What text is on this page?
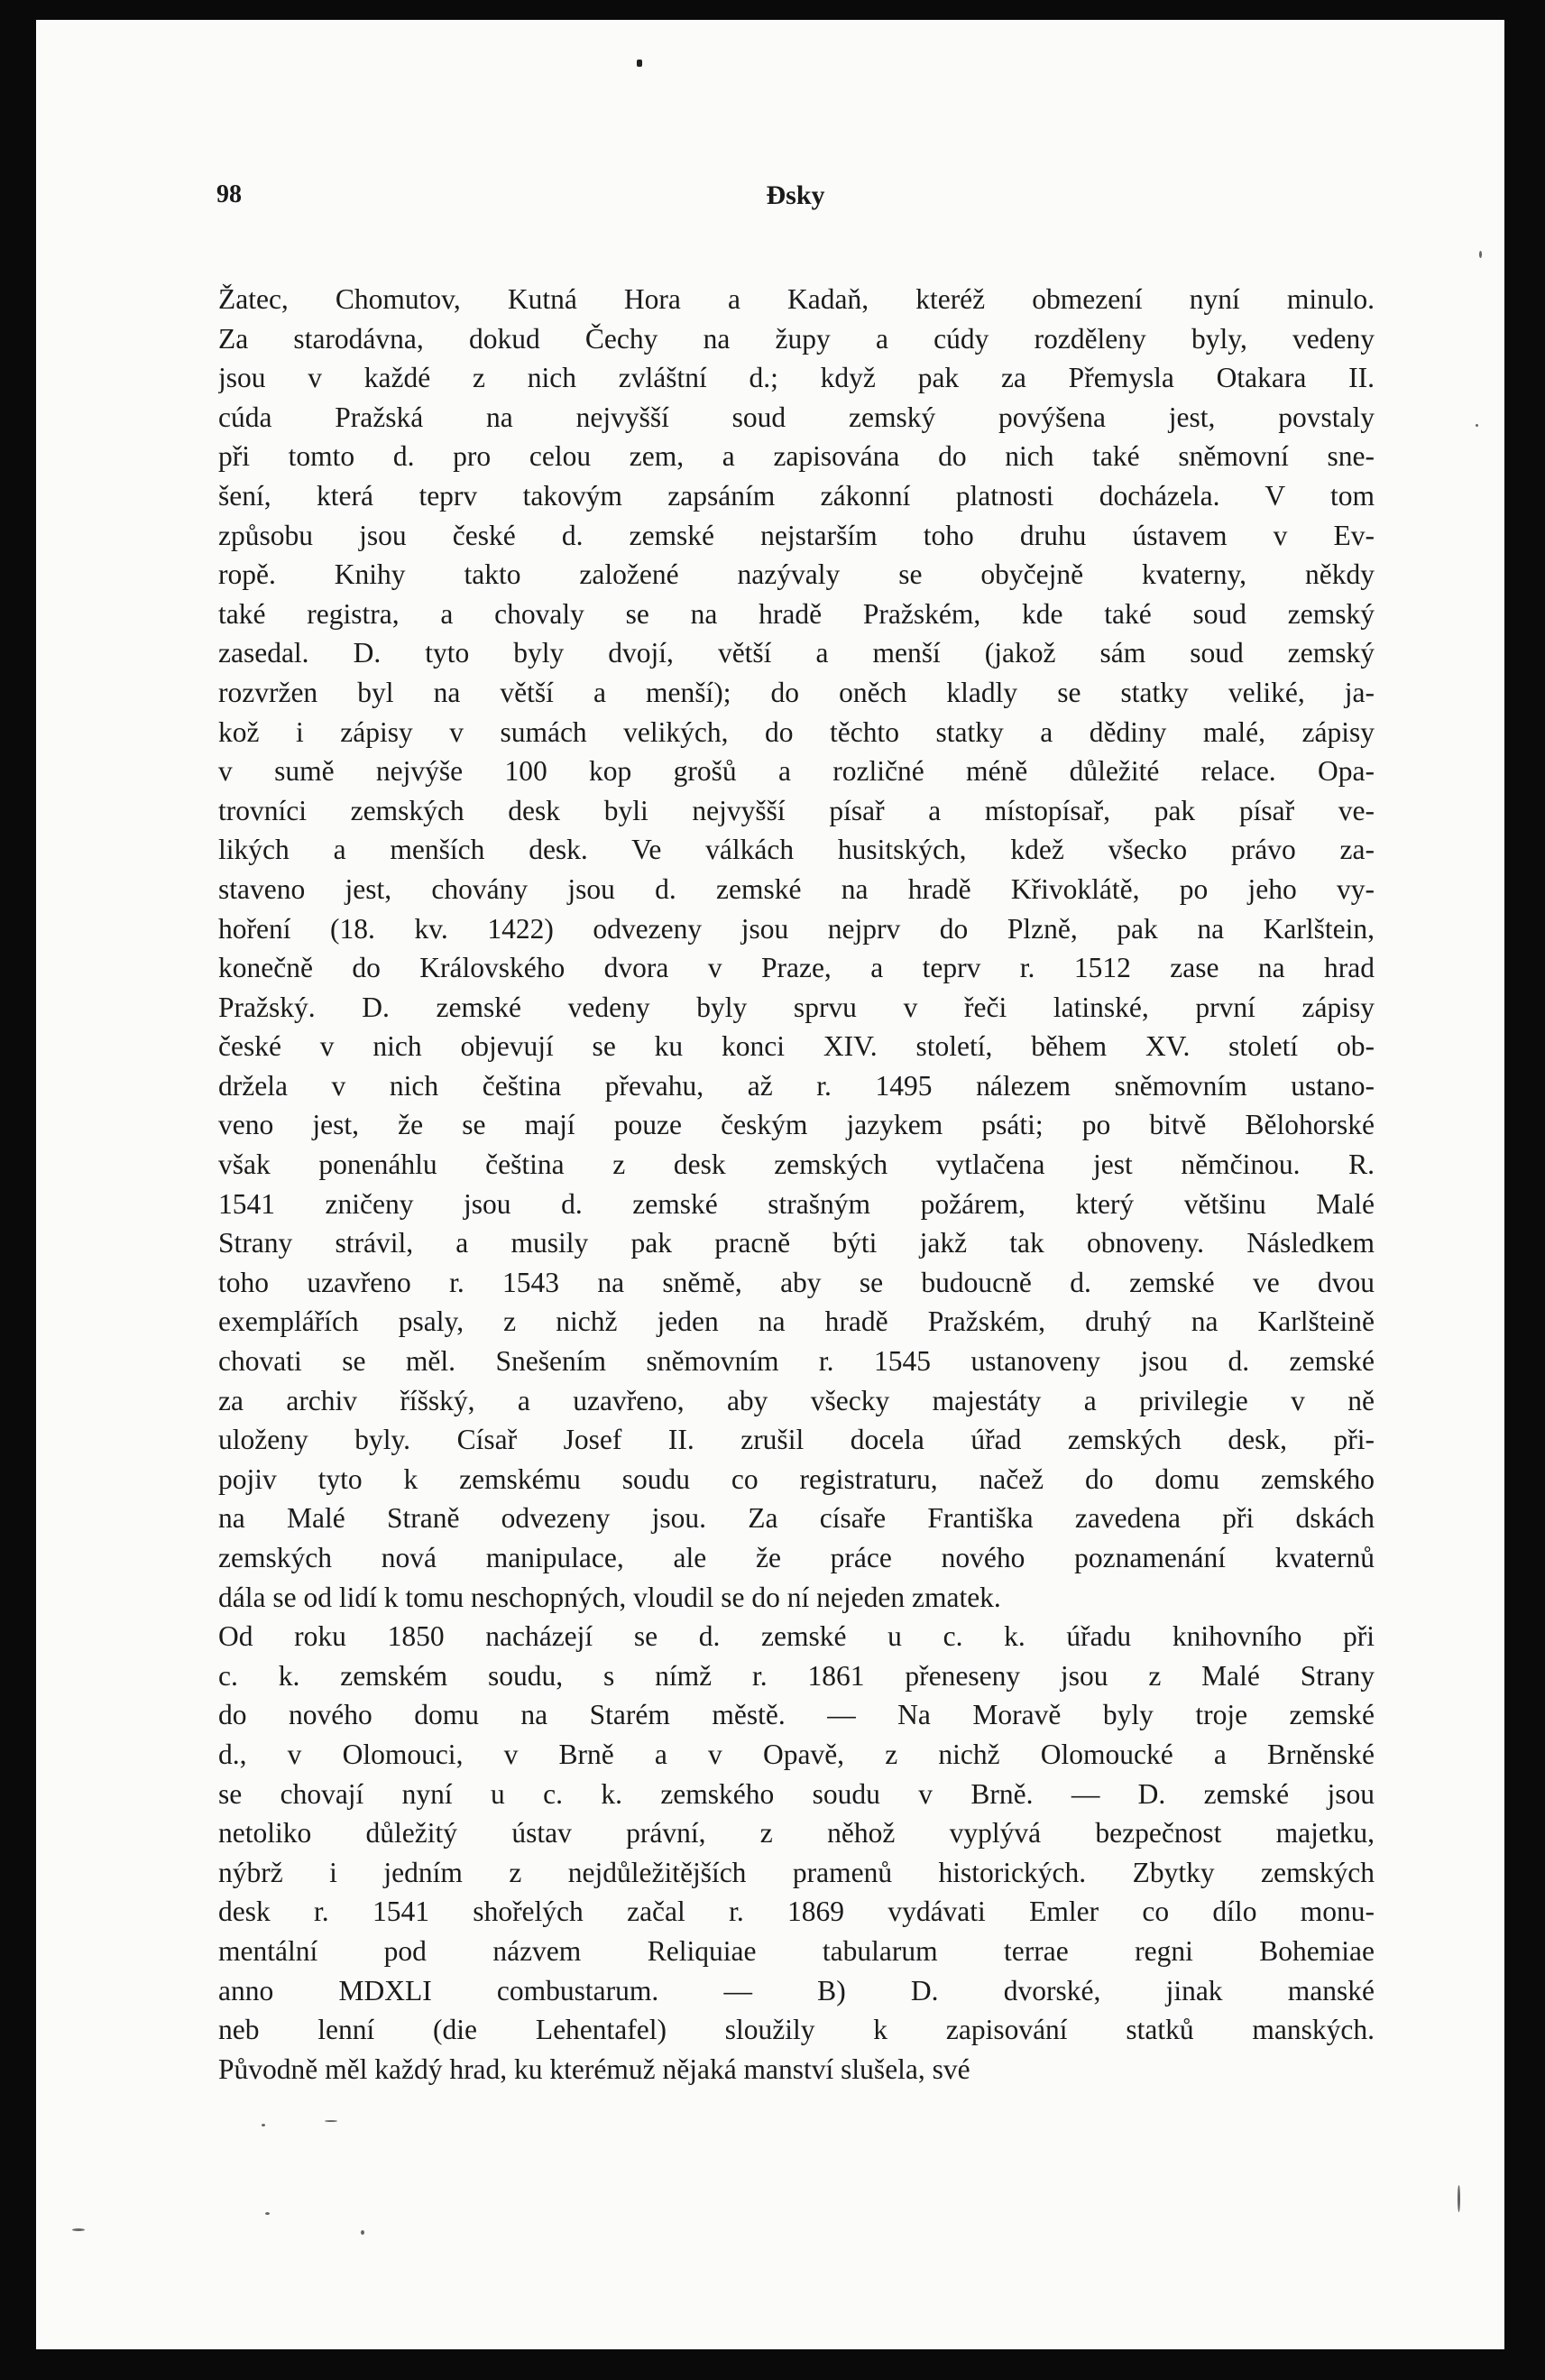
98	Ðsky
Žatec, Chomutov, Kutná Hora a Kadaň, kteréž obmezení nyní minulo.
Za starodávna, dokud Čechy na župy a cúdy rozděleny byly, vedeny
jsou v každé z nich zvláštní d.; když pak za Přemysla Otakara II.
cúda Pražská na nejvyšší soud zemský povýšena jest, povstaly
při tomto d. pro celou zem, a zapisována do nich také sněmovní sne-
šení, která teprv takovým zapsáním zákonní platnosti docházela. V tom
způsobu jsou české d. zemské nejstarším toho druhu ústavem v Ev-
ropě. Knihy takto založené nazývaly se obyčejně kvaterny, někdy
také registra, a chovaly se na hradě Pražském, kde také soud zemský
zasedal. D. tyto byly dvojí, větší a menší (jakož sám soud zemský
rozvržen byl na větší a menší); do oněch kladly se statky veliké, ja-
kož i zápisy v sumách velikých, do těchto statky a dědiny malé, zápisy
v sumě nejvýše 100 kop grošů a rozličné méně důležité relace. Opa-
trovníci zemských desk byli nejvyšší písař a místopísař, pak písař ve-
likých a menších desk. Ve válkách husitských, kdež všecko právo za-
staveno jest, chovány jsou d. zemské na hradě Křivoklátě, po jeho vy-
hoření (18. kv. 1422) odvezeny jsou nejprv do Plzně, pak na Karlštein,
konečně do Královského dvora v Praze, a teprv r. 1512 zase na hrad
Pražský. D. zemské vedeny byly sprvu v řeči latinské, první zápisy
české v nich objevují se ku konci XIV. století, během XV. století ob-
držela v nich čeština převahu, až r. 1495 nálezem sněmovním ustano-
veno jest, že se mají pouze českým jazykem psáti; po bitvě Bělohorské
však ponenáhlu čeština z desk zemských vytlačena jest němčinou. R.
1541 zničeny jsou d. zemské strašným požárem, který většinu Malé
Strany strávil, a musily pak pracně býti jakž tak obnoveny. Následkem
toho uzavřeno r. 1543 na sněmě, aby se budoucně d. zemské ve dvou
exemplářích psaly, z nichž jeden na hradě Pražském, druhý na Karlšteině
chovati se měl. Snešením sněmovním r. 1545 ustanoveny jsou d. zemské
za archiv říšský, a uzavřeno, aby všecky majestáty a privilegie v ně
uloženy byly. Císař Josef II. zrušil docela úřad zemských desk, při-
pojiv tyto k zemskému soudu co registraturu, načež do domu zemského
na Malé Straně odvezeny jsou. Za císaře Františka zavedena při dskách
zemských nová manipulace, ale že práce nového poznamenání kvaternů
dála se od lidí k tomu neschopných, vloudil se do ní nejeden zmatek.
Od roku 1850 nacházejí se d. zemské u c. k. úřadu knihovního při
c. k. zemském soudu, s nímž r. 1861 přeneseny jsou z Malé Strany
do nového domu na Starém městě. — Na Moravě byly troje zemské
d., v Olomouci, v Brně a v Opavě, z nichž Olomoucké a Brněnské
se chovají nyní u c. k. zemského soudu v Brně. — D. zemské jsou
netoliko důležitý ústav právní, z něhož vyplývá bezpečnost majetku,
nýbrž i jedním z nejdůležitějších pramenů historických. Zbytky zemských
desk r. 1541 shořelých začal r. 1869 vydávati Emler co dílo monu-
mentální pod názvem Reliquiae tabularum terrae regni Bohemiae
anno MDXLI combustarum. — B) D. dvorské, jinak manské
neb lenní (die Lehentafel) sloužily k zapisování statků manských.
Původně měl každý hrad, ku kterémuž nějaká manství slušela, své
